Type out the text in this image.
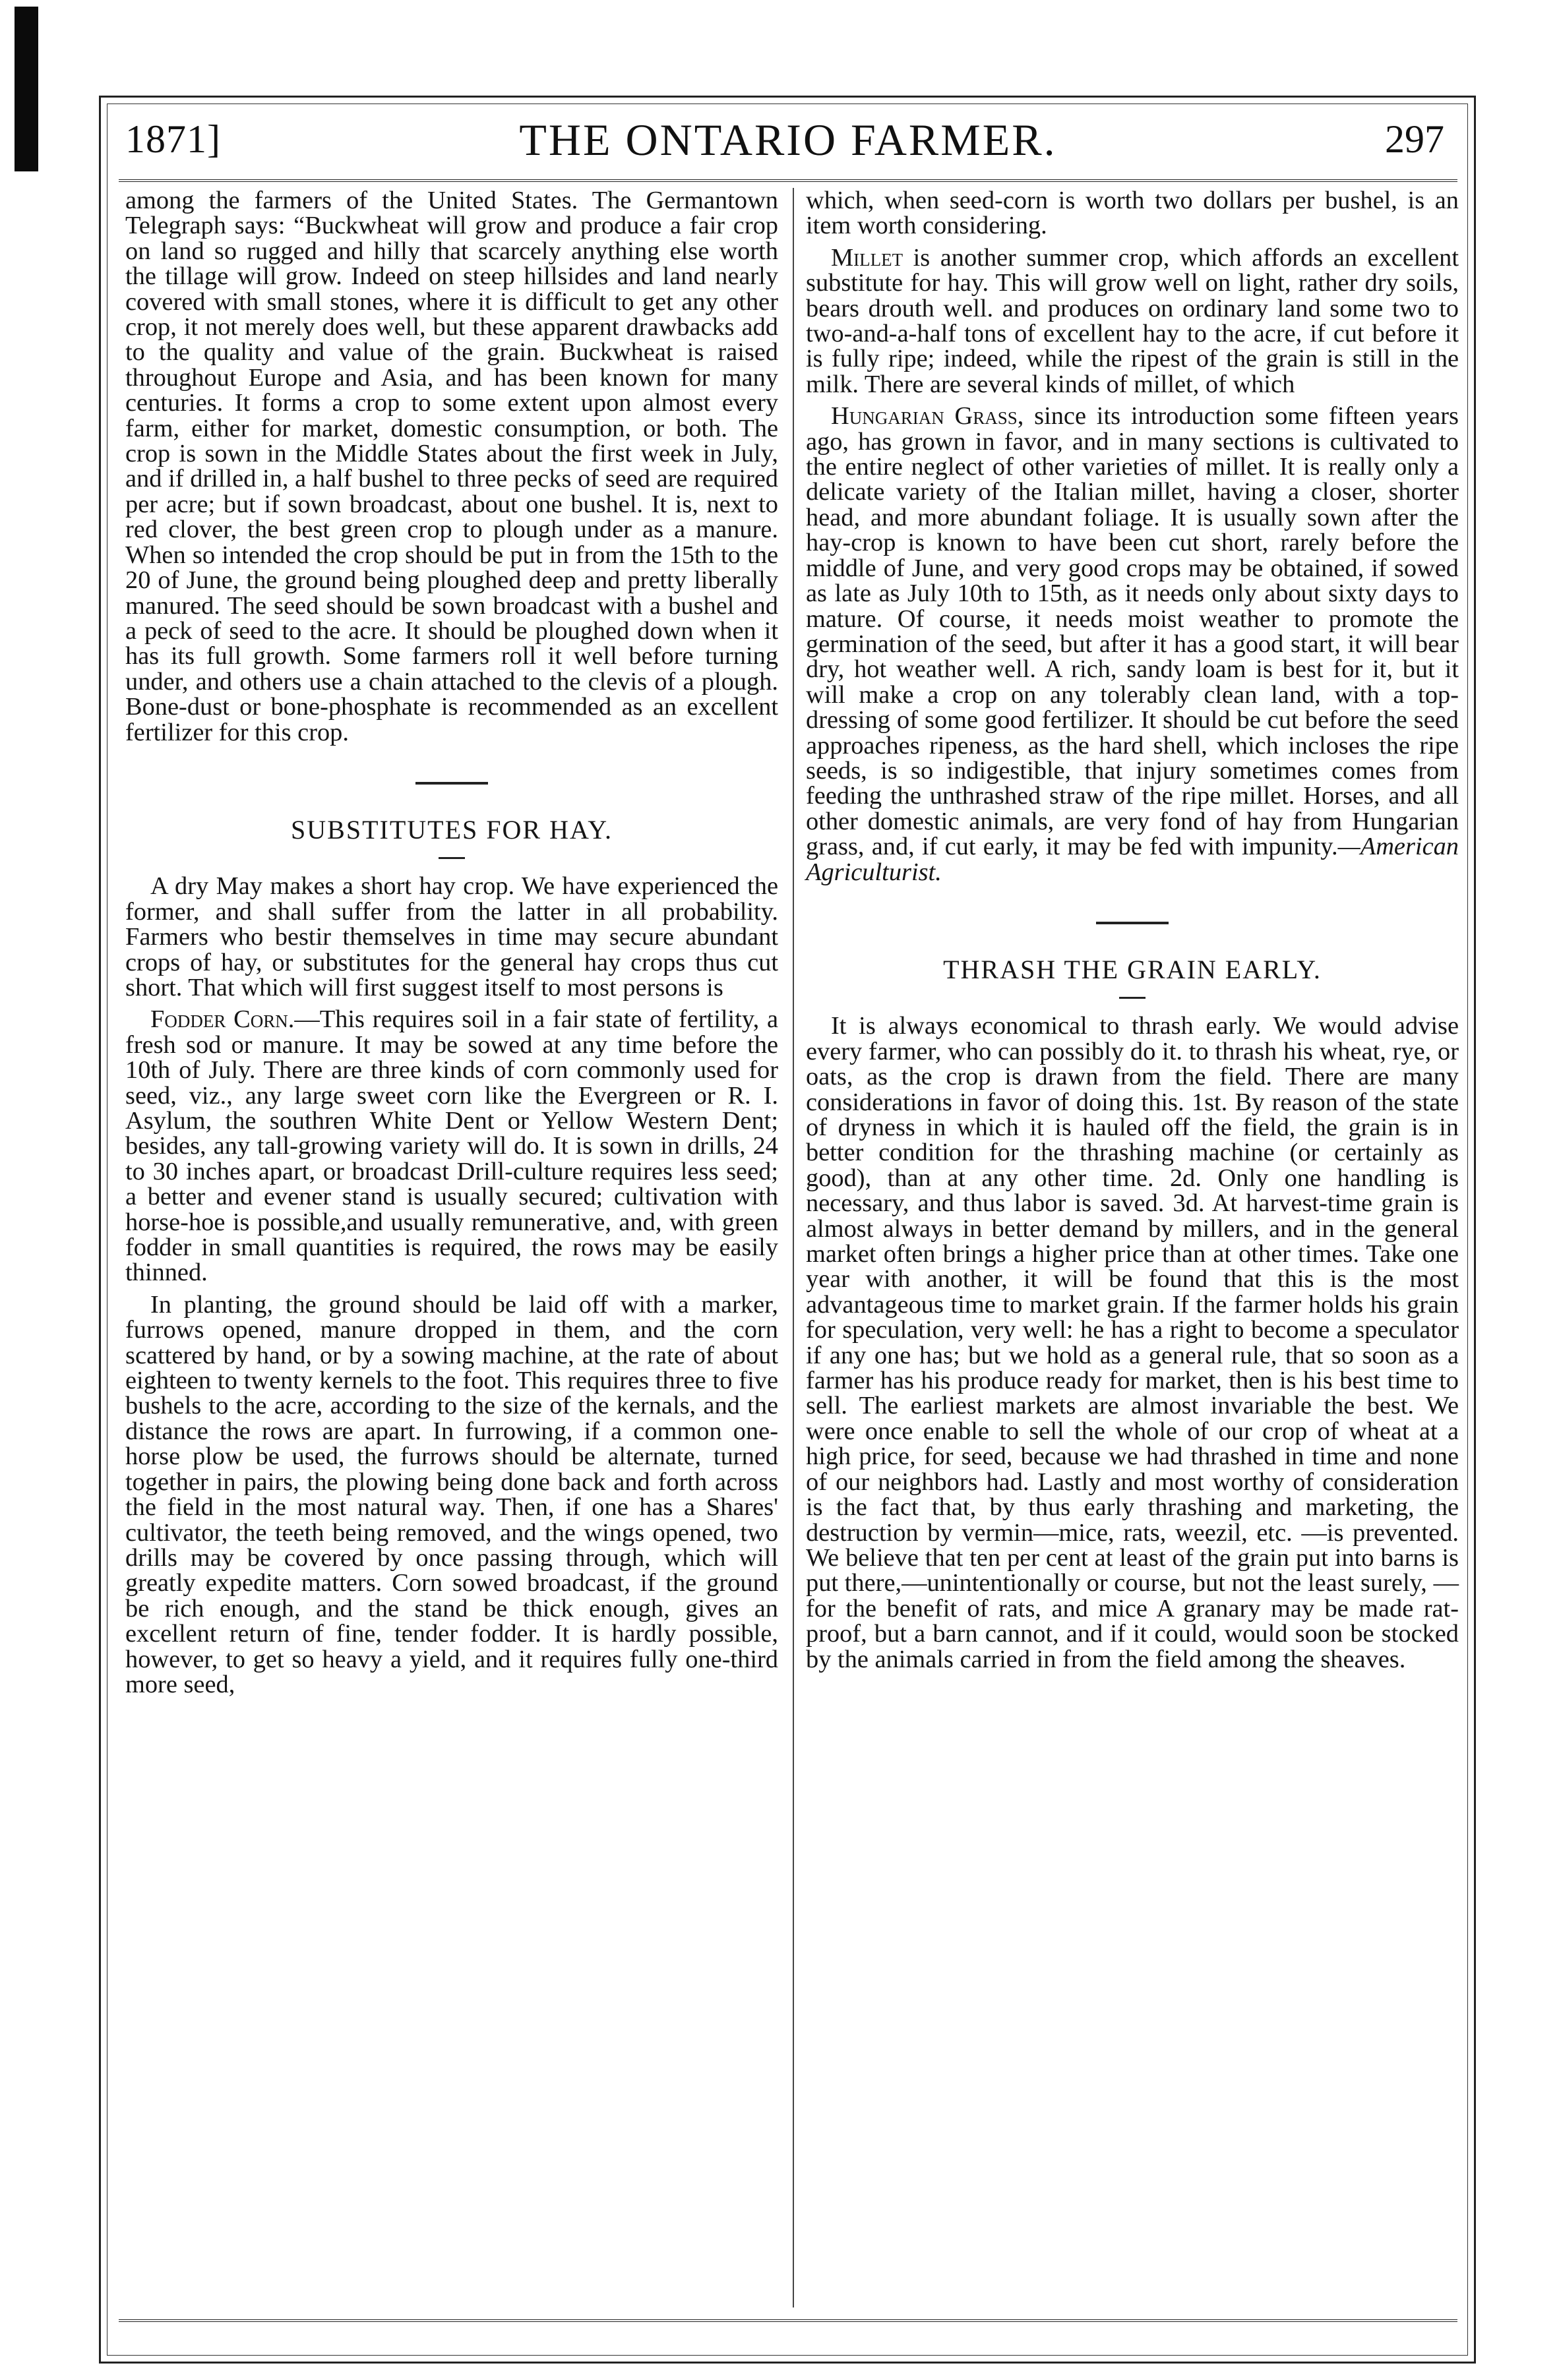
1871]	THE ONTARIO FARMER.	297

among the farmers of the United States. The Germantown Telegraph says: “Buckwheat will grow and produce a fair crop on land so rugged and hilly that scarcely anything else worth the tillage will grow. Indeed on steep hillsides and land nearly covered with small stones, where it is difficult to get any other crop, it not merely does well, but these apparent drawbacks add to the quality and value of the grain. Buckwheat is raised throughout Europe and Asia, and has been known for many centuries. It forms a crop to some extent upon almost every farm, either for market, domestic consumption, or both. The crop is sown in the Middle States about the first week in July, and if drilled in, a half bushel to three pecks of seed are required per acre; but if sown broadcast, about one bushel. It is, next to red clover, the best green crop to plough under as a manure. When so intended the crop should be put in from the 15th to the 20 of June, the ground being ploughed deep and pretty liberally manured. The seed should be sown broadcast with a bushel and a peck of seed to the acre. It should be ploughed down when it has its full growth. Some farmers roll it well before turning under, and others use a chain attached to the clevis of a plough. Bone-dust or bone-phosphate is recommended as an excellent fertilizer for this crop.

SUBSTITUTES FOR HAY.

A dry May makes a short hay crop. We have experienced the former, and shall suffer from the latter in all probability. Farmers who bestir themselves in time may secure abundant crops of hay, or substitutes for the general hay crops thus cut short. That which will first suggest itself to most persons is

Fodder Corn.—This requires soil in a fair state of fertility, a fresh sod or manure. It may be sowed at any time before the 10th of July. There are three kinds of corn commonly used for seed, viz., any large sweet corn like the Evergreen or R. I. Asylum, the southren White Dent or Yellow Western Dent; besides, any tall-growing variety will do. It is sown in drills, 24 to 30 inches apart, or broadcast Drill-culture requires less seed; a better and evener stand is usually secured; cultivation with horse-hoe is possible,and usually remunerative, and, with green fodder in small quantities is required, the rows may be easily thinned.

In planting, the ground should be laid off with a marker, furrows opened, manure dropped in them, and the corn scattered by hand, or by a sowing machine, at the rate of about eighteen to twenty kernels to the foot. This requires three to five bushels to the acre, according to the size of the kernals, and the distance the rows are apart. In furrowing, if a common one-horse plow be used, the furrows should be alternate, turned together in pairs, the plowing being done back and forth across the field in the most natural way. Then, if one has a Shares' cultivator, the teeth being removed, and the wings opened, two drills may be covered by once passing through, which will greatly expedite matters. Corn sowed broadcast, if the ground be rich enough, and the stand be thick enough, gives an excellent return of fine, tender fodder. It is hardly possible, however, to get so heavy a yield, and it requires fully one-third more seed,

which, when seed-corn is worth two dollars per bushel, is an item worth considering.

Millet is another summer crop, which affords an excellent substitute for hay. This will grow well on light, rather dry soils, bears drouth well. and produces on ordinary land some two to two-and-a-half tons of excellent hay to the acre, if cut before it is fully ripe; indeed, while the ripest of the grain is still in the milk. There are several kinds of millet, of which

Hungarian Grass, since its introduction some fifteen years ago, has grown in favor, and in many sections is cultivated to the entire neglect of other varieties of millet. It is really only a delicate variety of the Italian millet, having a closer, shorter head, and more abundant foliage. It is usually sown after the hay-crop is known to have been cut short, rarely before the middle of June, and very good crops may be obtained, if sowed as late as July 10th to 15th, as it needs only about sixty days to mature. Of course, it needs moist weather to promote the germination of the seed, but after it has a good start, it will bear dry, hot weather well. A rich, sandy loam is best for it, but it will make a crop on any tolerably clean land, with a top-dressing of some good fertilizer. It should be cut before the seed approaches ripeness, as the hard shell, which incloses the ripe seeds, is so indigestible, that injury sometimes comes from feeding the unthrashed straw of the ripe millet. Horses, and all other domestic animals, are very fond of hay from Hungarian grass, and, if cut early, it may be fed with impunity.—American Agriculturist.

THRASH THE GRAIN EARLY.

It is always economical to thrash early. We would advise every farmer, who can possibly do it. to thrash his wheat, rye, or oats, as the crop is drawn from the field. There are many considerations in favor of doing this. 1st. By reason of the state of dryness in which it is hauled off the field, the grain is in better condition for the thrashing machine (or certainly as good), than at any other time. 2d. Only one handling is necessary, and thus labor is saved. 3d. At harvest-time grain is almost always in better demand by millers, and in the general market often brings a higher price than at other times. Take one year with another, it will be found that this is the most advantageous time to market grain. If the farmer holds his grain for speculation, very well: he has a right to become a speculator if any one has; but we hold as a general rule, that so soon as a farmer has his produce ready for market, then is his best time to sell. The earliest markets are almost invariable the best. We were once enable to sell the whole of our crop of wheat at a high price, for seed, because we had thrashed in time and none of our neighbors had. Lastly and most worthy of consideration is the fact that, by thus early thrashing and marketing, the destruction by vermin—mice, rats, weezil, etc. —is prevented. We believe that ten per cent at least of the grain put into barns is put there,—unintentionally or course, but not the least surely, —for the benefit of rats, and mice A granary may be made rat-proof, but a barn cannot, and if it could, would soon be stocked by the animals carried in from the field among the sheaves.
